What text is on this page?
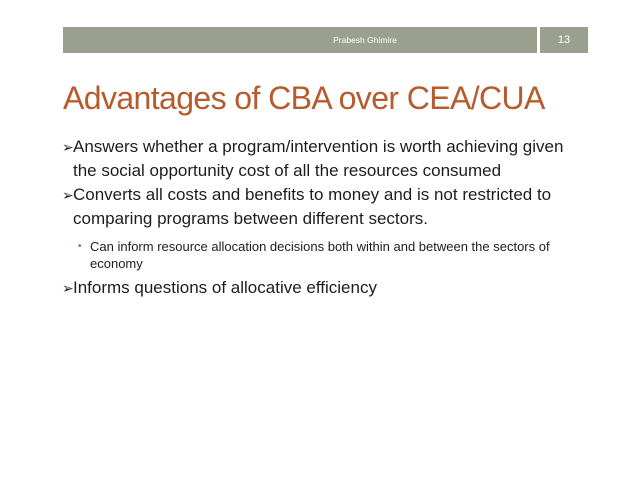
Prabesh Ghimire	13
Advantages of CBA over CEA/CUA
➢ Answers whether a program/intervention is worth achieving given the social opportunity cost of all the resources consumed
➢ Converts all costs and benefits to money and is not restricted to comparing programs between different sectors.
• Can inform resource allocation decisions both within and between the sectors of economy
➢ Informs questions of allocative efficiency
